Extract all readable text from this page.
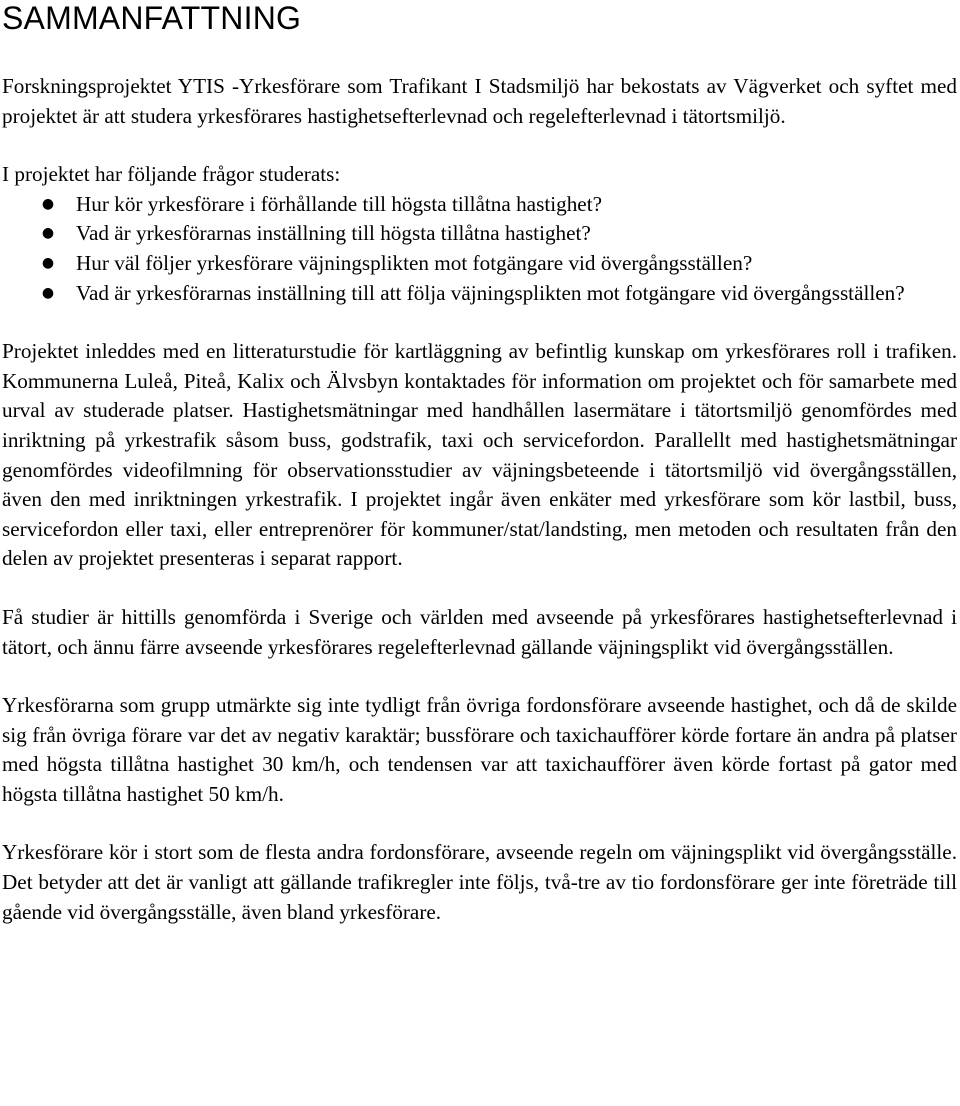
SAMMANFATTNING

Forskningsprojektet YTIS -Yrkesförare som Trafikant I Stadsmiljö har bekostats av Vägverket och syftet med projektet är att studera yrkesförares hastighetsefterlevnad och regelefterlevnad i tätortsmiljö.

I projektet har följande frågor studerats:

● Hur kör yrkesförare i förhållande till högsta tillåtna hastighet?
● Vad är yrkesförarnas inställning till högsta tillåtna hastighet?
● Hur väl följer yrkesförare väjningsplikten mot fotgängare vid övergångsställen?
● Vad är yrkesförarnas inställning till att följa väjningsplikten mot fotgängare vid övergångsställen?

Projektet inleddes med en litteraturstudie för kartläggning av befintlig kunskap om yrkesförares roll i trafiken. Kommunerna Luleå, Piteå, Kalix och Älvsbyn kontaktades för information om projektet och för samarbete med urval av studerade platser. Hastighetsmätningar med handhållen lasermätare i tätortsmiljö genomfördes med inriktning på yrkestrafik såsom buss, godstrafik, taxi och servicefordon. Parallellt med hastighetsmätningar genomfördes videofilmning för observationsstudier av väjningsbeteende i tätortsmiljö vid övergångsställen, även den med inriktningen yrkestrafik. I projektet ingår även enkäter med yrkesförare som kör lastbil, buss, servicefordon eller taxi, eller entreprenörer för kommuner/stat/landsting, men metoden och resultaten från den delen av projektet presenteras i separat rapport.

Få studier är hittills genomförda i Sverige och världen med avseende på yrkesförares hastighetsefterlevnad i tätort, och ännu färre avseende yrkesförares regelefterlevnad gällande väjningsplikt vid övergångsställen.

Yrkesförarna som grupp utmärkte sig inte tydligt från övriga fordonsförare avseende hastighet, och då de skilde sig från övriga förare var det av negativ karaktär; bussförare och taxichaufförer körde fortare än andra på platser med högsta tillåtna hastighet 30 km/h, och tendensen var att taxichaufförer även körde fortast på gator med högsta tillåtna hastighet 50 km/h.

Yrkesförare kör i stort som de flesta andra fordonsförare, avseende regeln om väjningsplikt vid övergångsställe. Det betyder att det är vanligt att gällande trafikregler inte följs, två-tre av tio fordonsförare ger inte företräde till gående vid övergångsställe, även bland yrkesförare.
